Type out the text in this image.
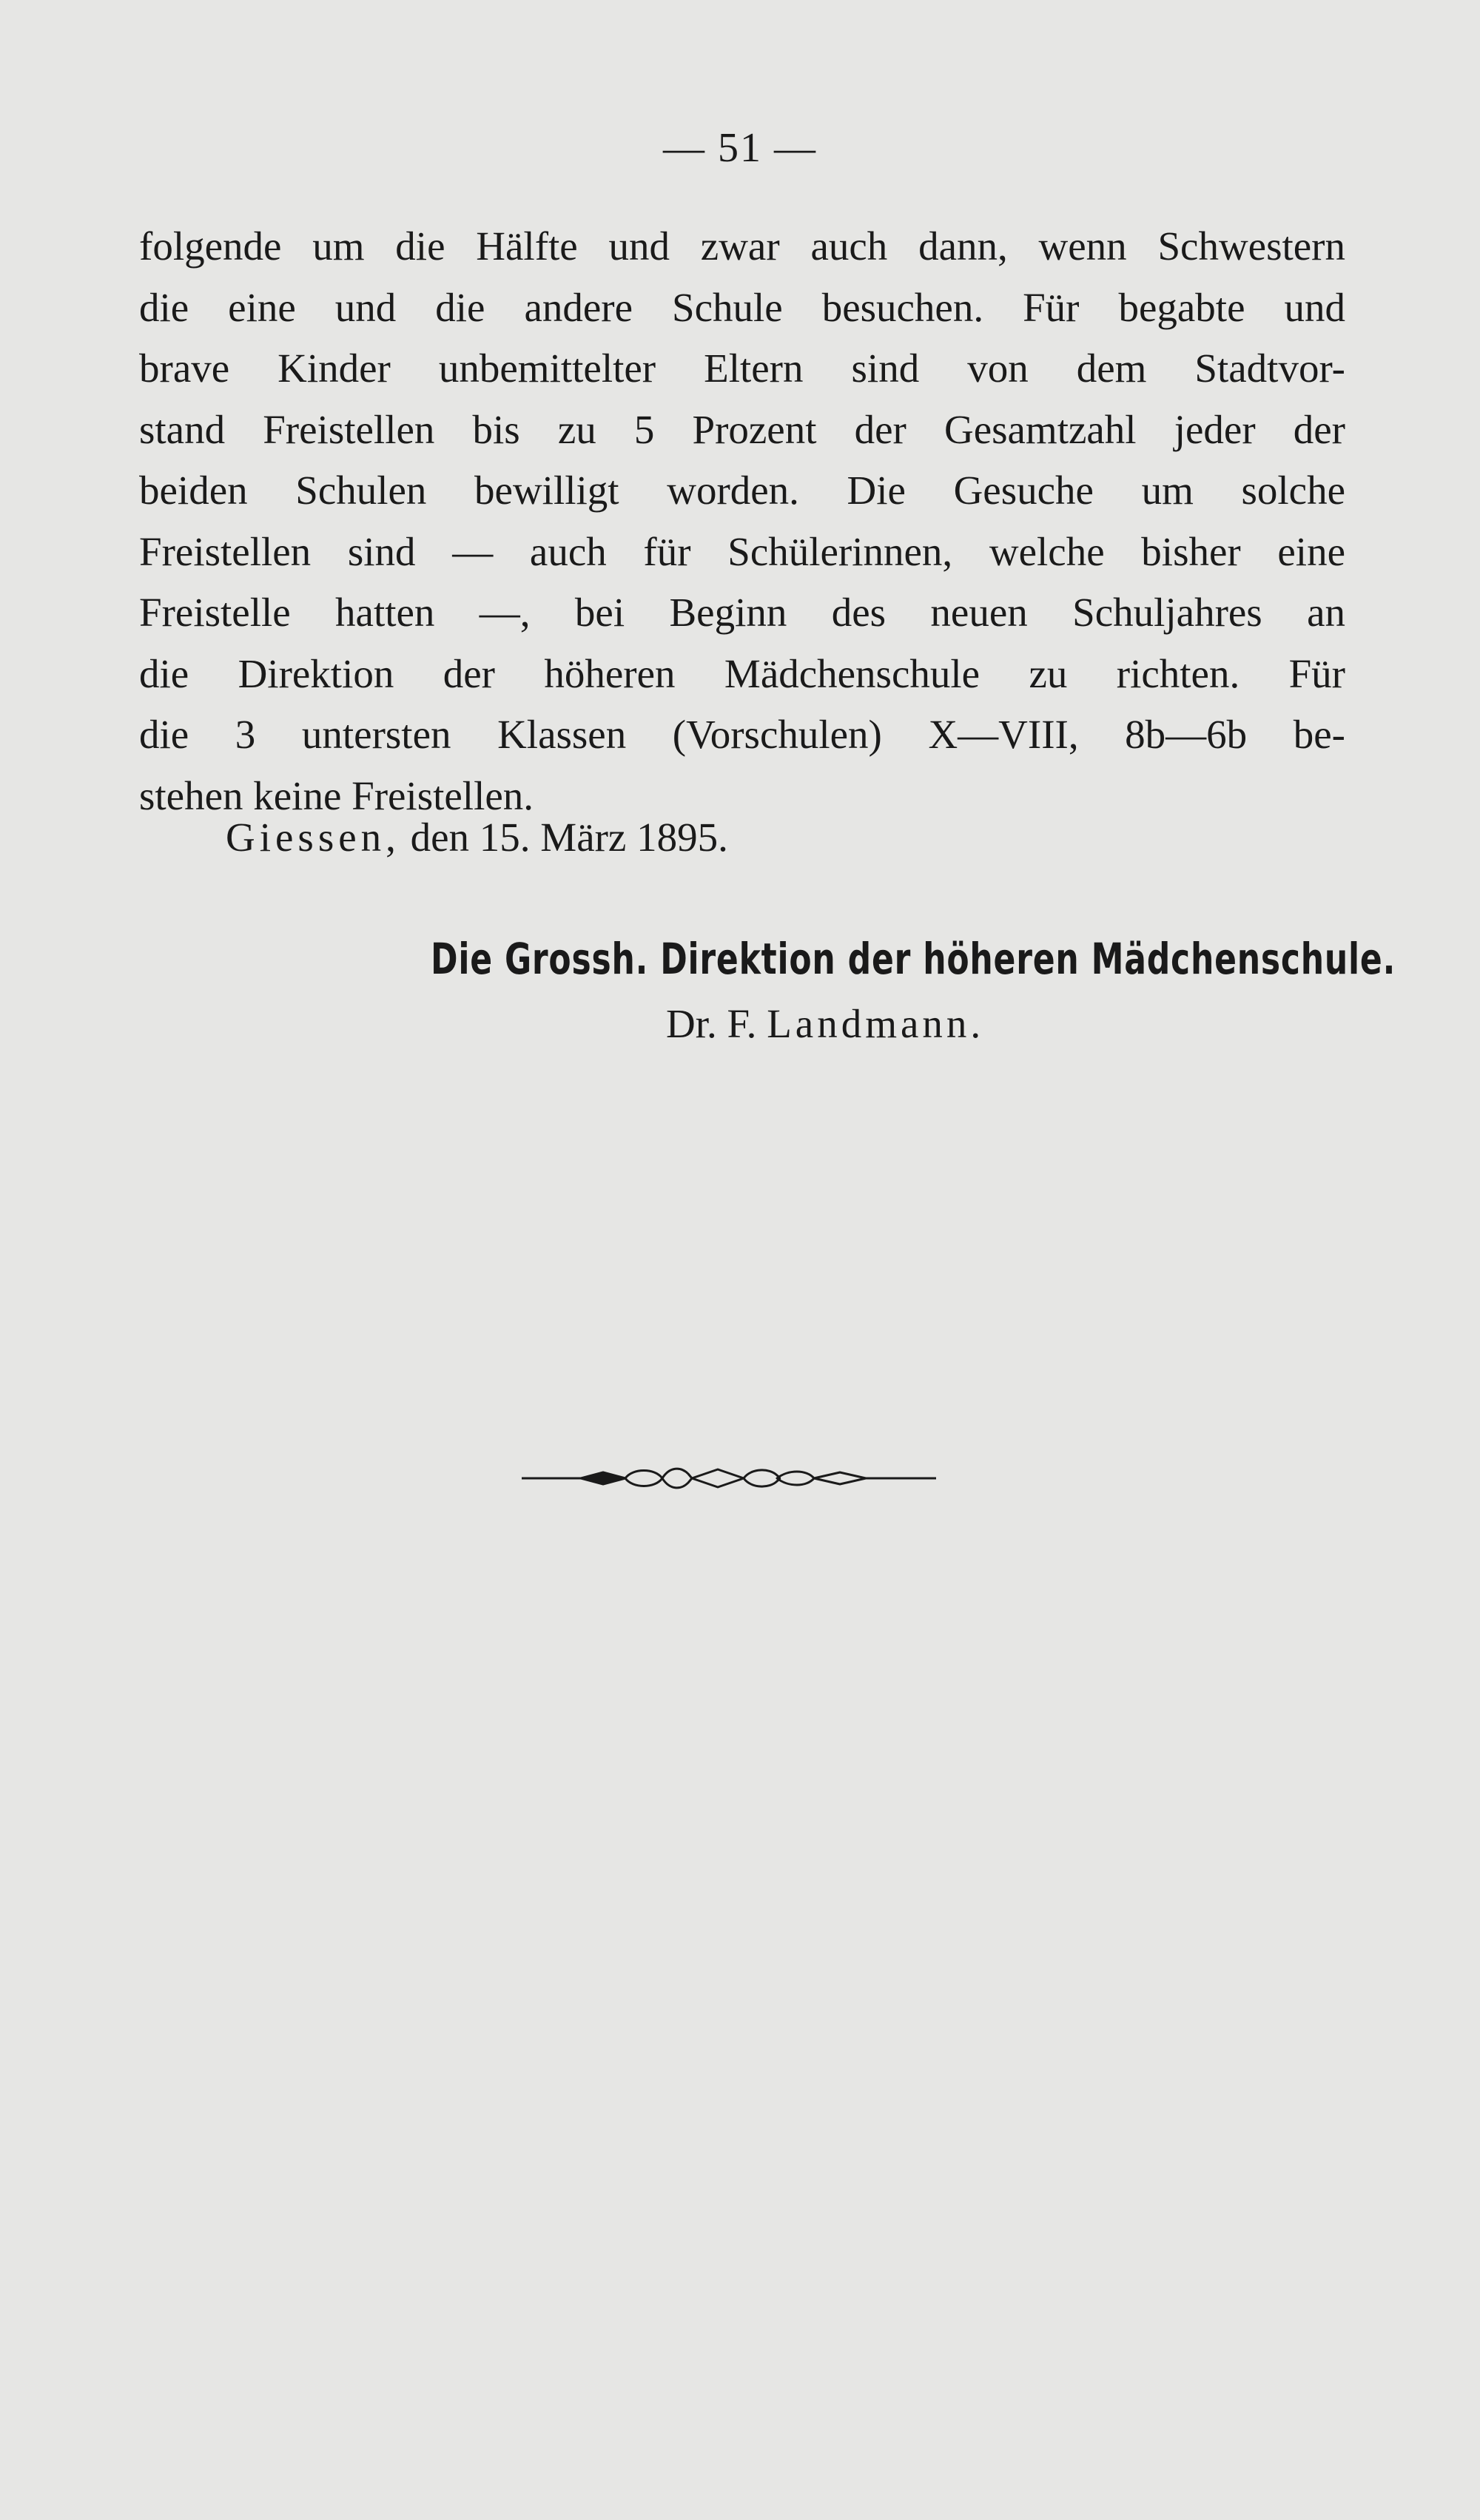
— 51 —
folgende um die Hälfte und zwar auch dann, wenn Schwestern
die eine und die andere Schule besuchen. Für begabte und
brave Kinder unbemittelter Eltern sind von dem Stadtvor-
stand Freistellen bis zu 5 Prozent der Gesamtzahl jeder der
beiden Schulen bewilligt worden. Die Gesuche um solche
Freistellen sind — auch für Schülerinnen, welche bisher eine
Freistelle hatten —, bei Beginn des neuen Schuljahres an
die Direktion der höheren Mädchenschule zu richten. Für
die 3 untersten Klassen (Vorschulen) X—VIII, 8b—6b be-
stehen keine Freistellen.
Giessen, den 15. März 1895.
Die Grossh. Direktion der höheren Mädchenschule.
Dr. F. Landmann.
